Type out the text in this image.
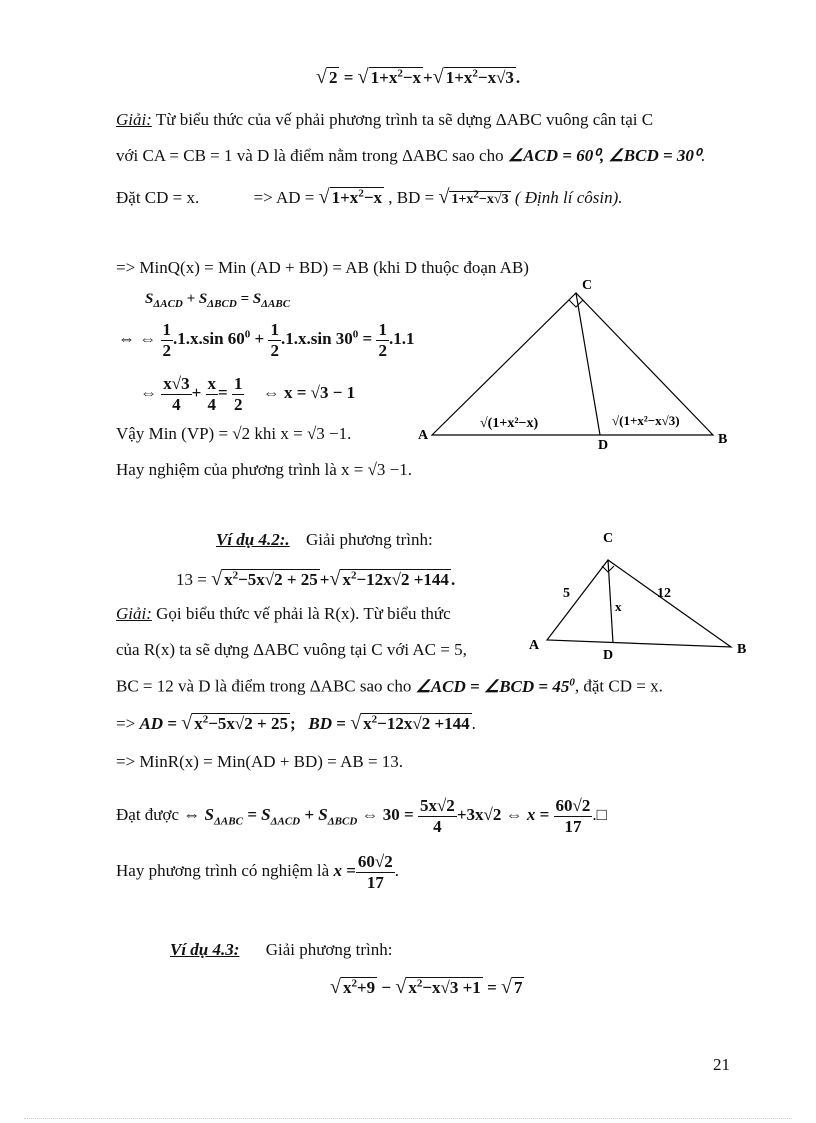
√ 2 = √ $1+x^2-x$ +√ $1+x^2-x√3$ .
Giải: Từ biểu thức của vế phải phương trình ta sẽ dựng ΔABC vuông cân tại C
với CA = CB = 1 và D là điểm nằm trong ΔABC sao cho ∠ACD = 60⁰, ∠BCD = 30⁰.
Đặt CD = x.	=> AD = √ $1+x^2-x$ , BD = √ $1+x^2-x√3$ ( Định lí côsin).
=> MinQ(x) = Min (AD + BD) = AB (khi D thuộc đoạn AB)
$S_{\Delta ACD} + S_{\Delta BCD} = S_{\Delta ABC}$
⇔ ⇔ $\frac{1}{2} .1.x.\sin$ $60^0 + \frac{1}{2} .1.x.\sin$ $30^0 = \frac{1}{2} .1.1$
⇔ $\frac{x√3}{4} + \frac{x}{4} = \frac{1}{2}$ ⇔ x = √3 − 1
Vậy Min (VP) = √2 khi x = √3 −1.
Hay nghiệm của phương trình là x = √3 −1.
C
A	B
D
√(1+x²−x)	√(1+x²−x√3)
Ví dụ 4.2:. Giải phương trình:
13 = √ $x^2-5x√2 + 25$ +√ $x^2-12x√2 +144$ .
Giải: Gọi biểu thức vế phải là R(x). Từ biểu thức
của R(x) ta sẽ dựng ΔABC vuông tại C với AC = 5,
BC = 12 và D là điểm trong ΔABC sao cho ∠ACD = ∠BCD = $45^0$, đặt CD = x.
=> AD = √ $x^2-5x√2 + 25$ ;   BD = √ $x^2-12x√2 +144$ .
=> MinR(x) = Min(AD + BD) = AB = 13.
Đạt được ⇔ $S_{\Delta ABC} = S_{\Delta ACD} + S_{\Delta BCD}$ ⇔ $30 = \frac{5x√2}{4} +3x√2$ ⇔ $x = \frac{60√2}{17}$ .□
Hay phương trình có nghiệm là $x = \frac{60√2}{17}$ .
C
A	B
D
5	12
x
Ví dụ 4.3: Giải phương trình:
√ $x^2+9$ − √ $x^2-x√3 +1$ = √ 7
21
